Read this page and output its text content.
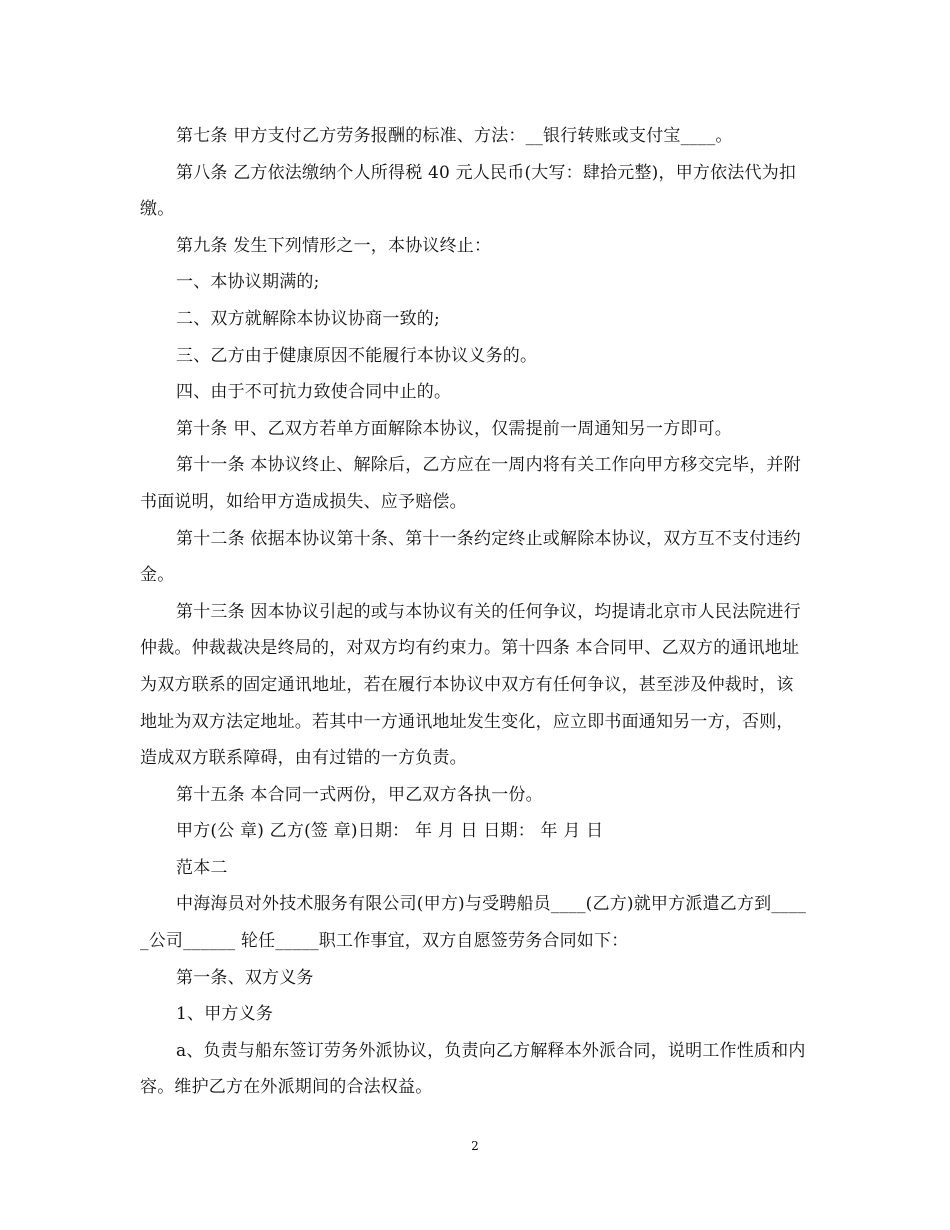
第七条 甲方支付乙方劳务报酬的标准、方法：__银行转账或支付宝____。

第八条 乙方依法缴纳个人所得税 40 元人民币(大写：肆拾元整)，甲方依法代为扣缴。

第九条 发生下列情形之一，本协议终止：

一、本协议期满的;

二、双方就解除本协议协商一致的;

三、乙方由于健康原因不能履行本协议义务的。

四、由于不可抗力致使合同中止的。

第十条 甲、乙双方若单方面解除本协议，仅需提前一周通知另一方即可。

第十一条 本协议终止、解除后，乙方应在一周内将有关工作向甲方移交完毕，并附书面说明，如给甲方造成损失、应予赔偿。

第十二条 依据本协议第十条、第十一条约定终止或解除本协议，双方互不支付违约金。

第十三条 因本协议引起的或与本协议有关的任何争议，均提请北京市人民法院进行仲裁。仲裁裁决是终局的，对双方均有约束力。第十四条 本合同甲、乙双方的通讯地址为双方联系的固定通讯地址，若在履行本协议中双方有任何争议，甚至涉及仲裁时，该地址为双方法定地址。若其中一方通讯地址发生变化，应立即书面通知另一方，否则，造成双方联系障碍，由有过错的一方负责。

第十五条 本合同一式两份，甲乙双方各执一份。

甲方(公 章) 乙方(签 章)日期： 年 月 日 日期： 年 月 日

范本二

中海海员对外技术服务有限公司(甲方)与受聘船员____(乙方)就甲方派遣乙方到_____公司______ 轮任_____职工作事宜，双方自愿签劳务合同如下：

第一条、双方义务

1、甲方义务

a、负责与船东签订劳务外派协议，负责向乙方解释本外派合同，说明工作性质和内容。维护乙方在外派期间的合法权益。

2
